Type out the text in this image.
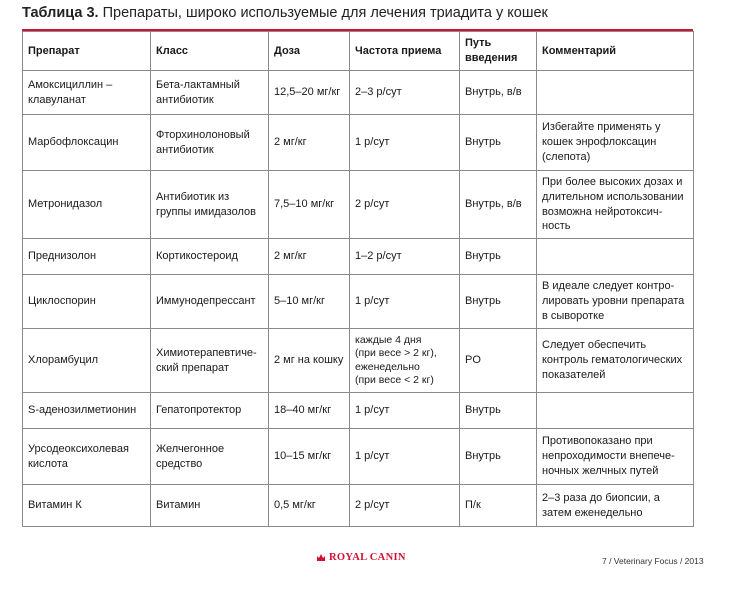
Таблица 3. Препараты, широко используемые для лечения триадита у кошек
Препарат	Класс	Доза	Частота приема	Путь
введения	Комментарий
Амоксициллин –
клавуланат	Бета-лактамный
антибиотик	12,5–20 мг/кг	2–3 р/сут	Внутрь, в/в	
Марбофлоксацин	Фторхинолоновый
антибиотик	2 мг/кг	1 р/сут	Внутрь	Избегайте применять у
кошек энрофлоксацин
(слепота)
Метронидазол	Антибиотик из
группы имидазолов	7,5–10 мг/кг	2 р/сут	Внутрь, в/в	При более высоких дозах и
длительном использовании
возможна нейротоксич-
ность
Преднизолон	Кортикостероид	2 мг/кг	1–2 р/сут	Внутрь	
Циклоспорин	Иммунодепрессант	5–10 мг/кг	1 р/сут	Внутрь	В идеале следует контро-
лировать уровни препарата
в сыворотке
Хлорамбуцил	Химиотерапевтиче-
ский препарат	2 мг на кошку	каждые 4 дня
(при весе > 2 кг),
еженедельно
(при весе < 2 кг)	PO	Следует обеспечить
контроль гематологических
показателей
S-аденозилметионин	Гепатопротектор	18–40 мг/кг	1 р/сут	Внутрь	
Урсодеоксихолевая
кислота	Желчегонное
средство	10–15 мг/кг	1 р/сут	Внутрь	Противопоказано при
непроходимости внепече-
ночных желчных путей
Витамин К	Витамин	0,5 мг/кг	2 р/сут	П/к	2–3 раза до биопсии, а
затем еженедельно
ROYAL CANIN	7 / Veterinary Focus / 2013
